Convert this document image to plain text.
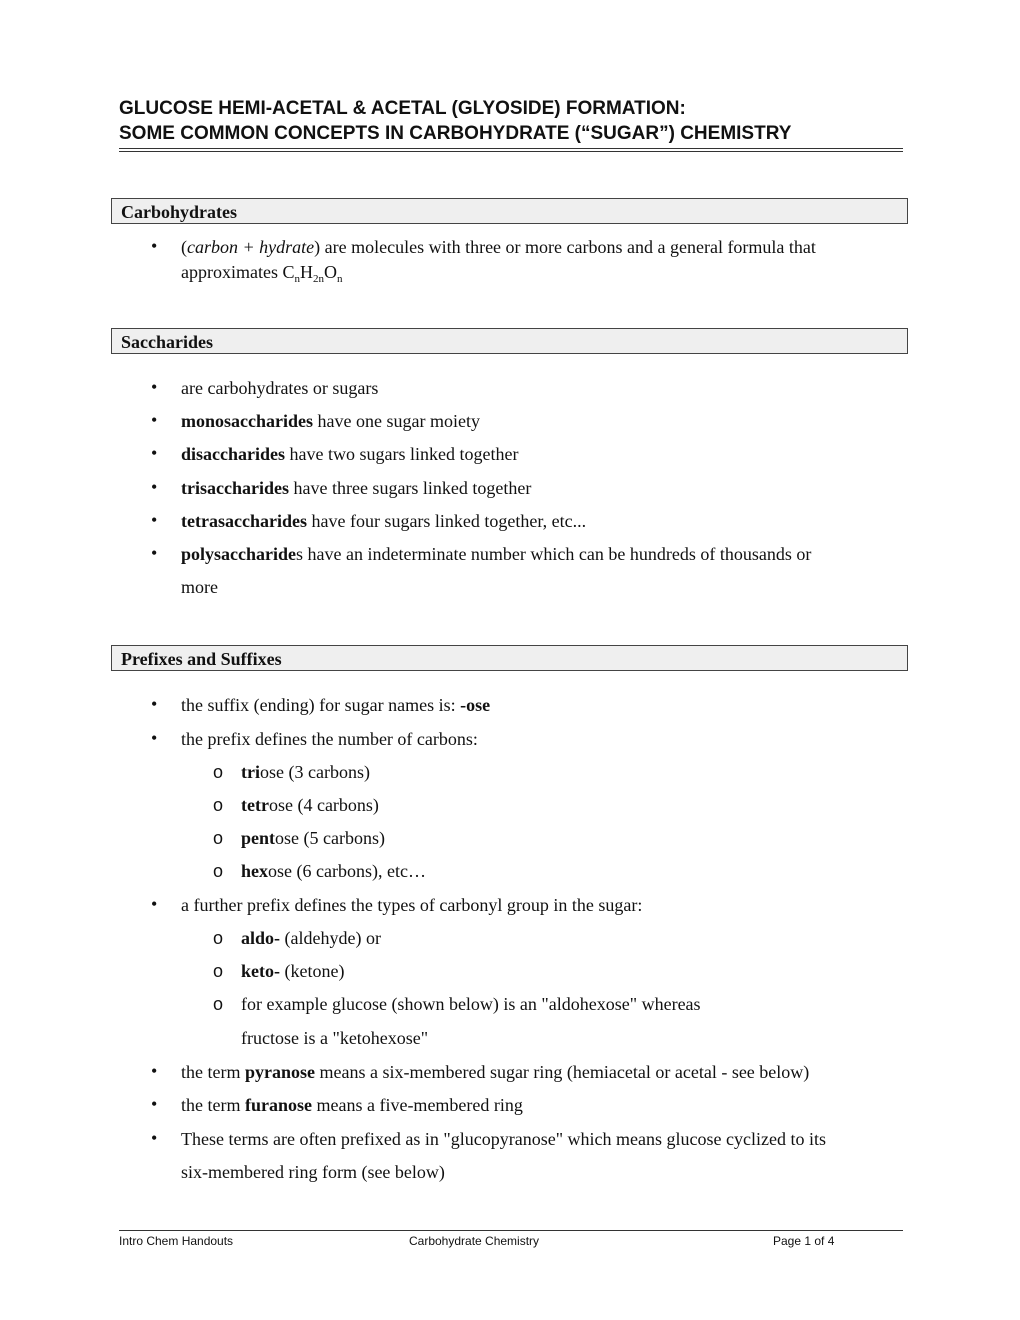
GLUCOSE HEMI-ACETAL & ACETAL (GLYOSIDE) FORMATION:
SOME COMMON CONCEPTS IN CARBOHYDRATE (“SUGAR”) CHEMISTRY
Carbohydrates
• (carbon + hydrate) are molecules with three or more carbons and a general formula that
approximates $C_nH_{2n}O_n$
Saccharides
• are carbohydrates or sugars
• monosaccharides have one sugar moiety
• disaccharides have two sugars linked together
• trisaccharides have three sugars linked together
• tetrasaccharides have four sugars linked together, etc...
• polysaccharides have an indeterminate number which can be hundreds of thousands or
more
Prefixes and Suffixes
• the suffix (ending) for sugar names is: -ose
• the prefix defines the number of carbons:
o triose (3 carbons)
o tetrose (4 carbons)
o pentose (5 carbons)
o hexose (6 carbons), etc…
• a further prefix defines the types of carbonyl group in the sugar:
o aldo- (aldehyde) or
o keto- (ketone)
o for example glucose (shown below) is an "aldohexose" whereas
fructose is a "ketohexose"
• the term pyranose means a six-membered sugar ring (hemiacetal or acetal - see below)
• the term furanose means a five-membered ring
• These terms are often prefixed as in "glucopyranose" which means glucose cyclized to its
six-membered ring form (see below)
Intro Chem Handouts	Carbohydrate Chemistry	Page 1 of 4
